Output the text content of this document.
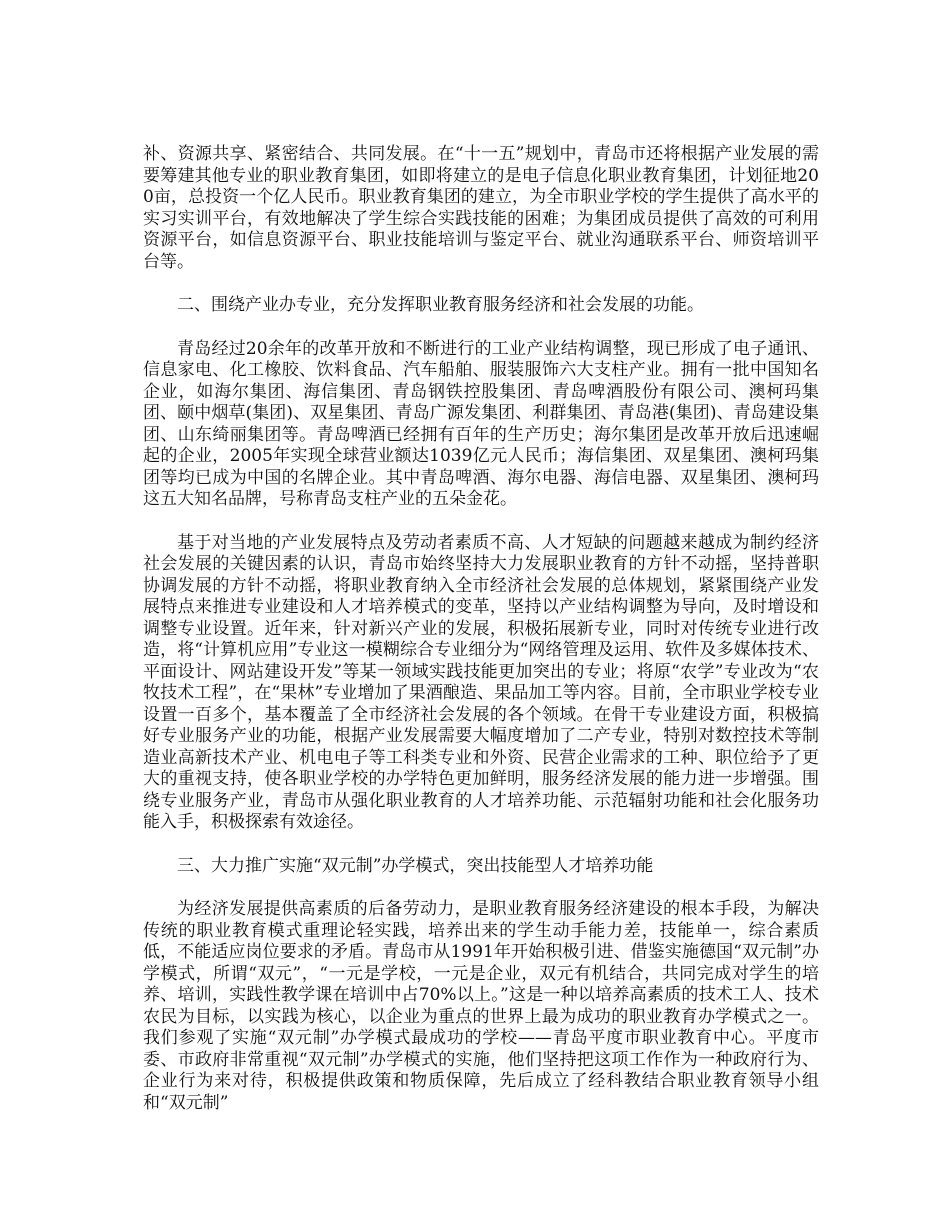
补、资源共享、紧密结合、共同发展。在“十一五”规划中，青岛市还将根据产业发展的需要筹建其他专业的职业教育集团，如即将建立的是电子信息化职业教育集团，计划征地200亩，总投资一个亿人民币。职业教育集团的建立，为全市职业学校的学生提供了高水平的实习实训平台，有效地解决了学生综合实践技能的困难；为集团成员提供了高效的可利用资源平台，如信息资源平台、职业技能培训与鉴定平台、就业沟通联系平台、师资培训平台等。

二、围绕产业办专业，充分发挥职业教育服务经济和社会发展的功能。

青岛经过20余年的改革开放和不断进行的工业产业结构调整，现已形成了电子通讯、信息家电、化工橡胶、饮料食品、汽车船舶、服装服饰六大支柱产业。拥有一批中国知名企业，如海尔集团、海信集团、青岛钢铁控股集团、青岛啤酒股份有限公司、澳柯玛集团、颐中烟草(集团)、双星集团、青岛广源发集团、利群集团、青岛港(集团)、青岛建设集团、山东绮丽集团等。青岛啤酒已经拥有百年的生产历史；海尔集团是改革开放后迅速崛起的企业，2005年实现全球营业额达1039亿元人民币；海信集团、双星集团、澳柯玛集团等均已成为中国的名牌企业。其中青岛啤酒、海尔电器、海信电器、双星集团、澳柯玛这五大知名品牌，号称青岛支柱产业的五朵金花。

基于对当地的产业发展特点及劳动者素质不高、人才短缺的问题越来越成为制约经济社会发展的关键因素的认识，青岛市始终坚持大力发展职业教育的方针不动摇，坚持普职协调发展的方针不动摇，将职业教育纳入全市经济社会发展的总体规划，紧紧围绕产业发展特点来推进专业建设和人才培养模式的变革，坚持以产业结构调整为导向，及时增设和调整专业设置。近年来，针对新兴产业的发展，积极拓展新专业，同时对传统专业进行改造，将“计算机应用”专业这一模糊综合专业细分为“网络管理及运用、软件及多媒体技术、平面设计、网站建设开发”等某一领域实践技能更加突出的专业；将原“农学”专业改为“农牧技术工程”，在“果林”专业增加了果酒酿造、果品加工等内容。目前，全市职业学校专业设置一百多个，基本覆盖了全市经济社会发展的各个领域。在骨干专业建设方面，积极搞好专业服务产业的功能，根据产业发展需要大幅度增加了二产专业，特别对数控技术等制造业高新技术产业、机电电子等工科类专业和外资、民营企业需求的工种、职位给予了更大的重视支持，使各职业学校的办学特色更加鲜明，服务经济发展的能力进一步增强。围绕专业服务产业，青岛市从强化职业教育的人才培养功能、示范辐射功能和社会化服务功能入手，积极探索有效途径。

三、大力推广实施“双元制”办学模式，突出技能型人才培养功能

为经济发展提供高素质的后备劳动力，是职业教育服务经济建设的根本手段，为解决传统的职业教育模式重理论轻实践，培养出来的学生动手能力差，技能单一，综合素质低，不能适应岗位要求的矛盾。青岛市从1991年开始积极引进、借鉴实施德国“双元制”办学模式，所谓“双元”，“一元是学校，一元是企业，双元有机结合，共同完成对学生的培养、培训，实践性教学课在培训中占70%以上。”这是一种以培养高素质的技术工人、技术农民为目标，以实践为核心，以企业为重点的世界上最为成功的职业教育办学模式之一。我们参观了实施“双元制”办学模式最成功的学校——青岛平度市职业教育中心。平度市委、市政府非常重视“双元制”办学模式的实施，他们坚持把这项工作作为一种政府行为、企业行为来对待，积极提供政策和物质保障，先后成立了经科教结合职业教育领导小组和“双元制”
